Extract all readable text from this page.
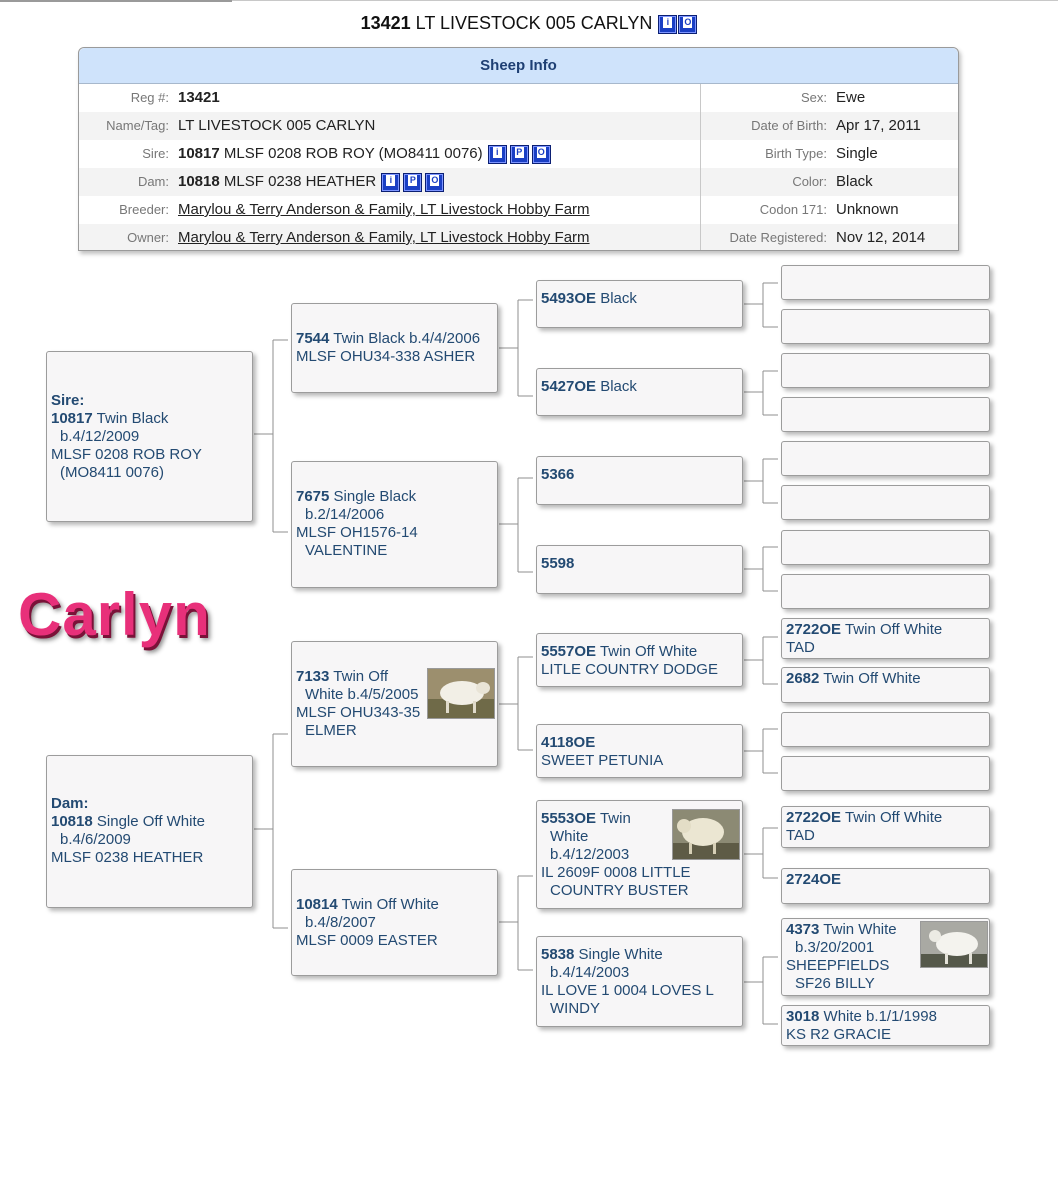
13421 LT LIVESTOCK 005 CARLYN i O
Sheep Info
Reg #: 13421	Sex: Ewe
Name/Tag: LT LIVESTOCK 005 CARLYN	Date of Birth: Apr 17, 2011
Sire: 10817 MLSF 0208 ROB ROY (MO8411 0076) i P O	Birth Type: Single
Dam: 10818 MLSF 0238 HEATHER i P O	Color: Black
Breeder: Marylou & Terry Anderson & Family, LT Livestock Hobby Farm	Codon 171: Unknown
Owner: Marylou & Terry Anderson & Family, LT Livestock Hobby Farm	Date Registered: Nov 12, 2014
Carlyn
Sire:
10817 Twin Black
b.4/12/2009
MLSF 0208 ROB ROY
(MO8411 0076)
Dam:
10818 Single Off White
b.4/6/2009
MLSF 0238 HEATHER
7544 Twin Black b.4/4/2006
MLSF OHU34-338 ASHER
7675 Single Black
b.2/14/2006
MLSF OH1576-14
VALENTINE
7133 Twin Off
White b.4/5/2005
MLSF OHU343-35
ELMER
10814 Twin Off White
b.4/8/2007
MLSF 0009 EASTER
5493OE Black
5427OE Black
5366
5598
5557OE Twin Off White
LITLE COUNTRY DODGE
4118OE
SWEET PETUNIA
5553OE Twin
White
b.4/12/2003
IL 2609F 0008 LITTLE
COUNTRY BUSTER
5838 Single White
b.4/14/2003
IL LOVE 1 0004 LOVES L
WINDY
2722OE Twin Off White
TAD
2682 Twin Off White
2722OE Twin Off White
TAD
2724OE
4373 Twin White
b.3/20/2001
SHEEPFIELDS
SF26 BILLY
3018 White b.1/1/1998
KS R2 GRACIE
